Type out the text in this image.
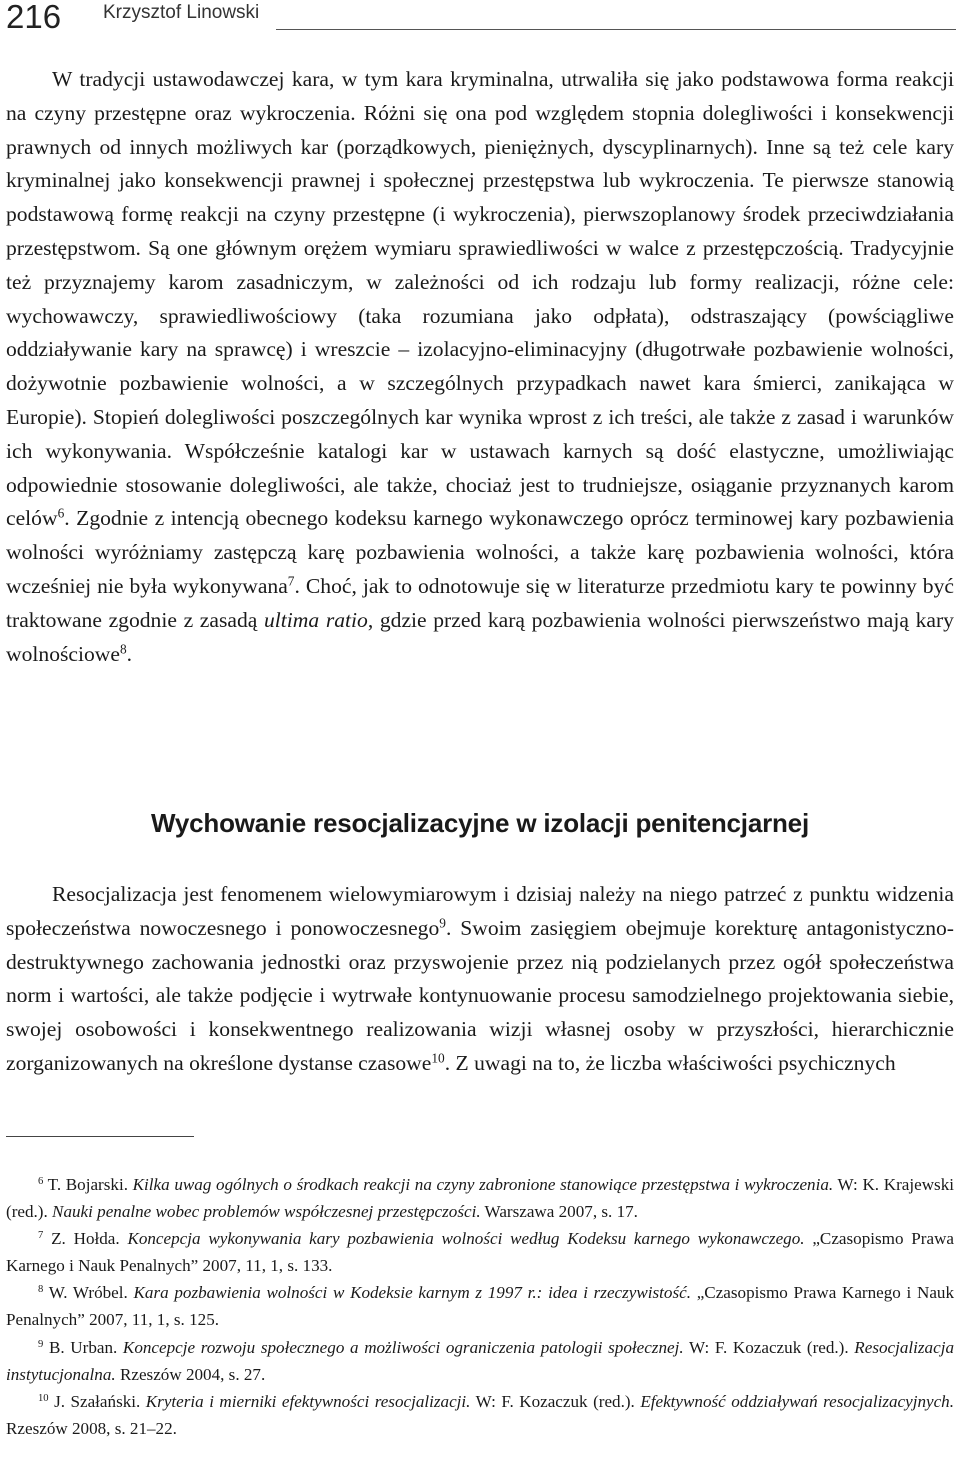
216 Krzysztof Linowski

W tradycji ustawodawczej kara, w tym kara kryminalna, utrwaliła się jako podstawowa forma reakcji na czyny przestępne oraz wykroczenia. Różni się ona pod względem stopnia dolegliwości i konsekwencji prawnych od innych możliwych kar (porządkowych, pieniężnych, dyscyplinarnych). Inne są też cele kary kryminalnej jako konsekwencji prawnej i społecznej przestępstwa lub wykroczenia. Te pierwsze stanowią podstawową formę reakcji na czyny przestępne (i wykroczenia), pierwszoplanowy środek przeciwdziałania przestępstwom. Są one głównym orężem wymiaru sprawiedliwości w walce z przestępczością. Tradycyjnie też przyznajemy karom zasadniczym, w zależności od ich rodzaju lub formy realizacji, różne cele: wychowawczy, sprawiedliwościowy (taka rozumiana jako odpłata), odstraszający (powściągliwe oddziaływanie kary na sprawcę) i wreszcie – izolacyjno-eliminacyjny (długotrwałe pozbawienie wolności, dożywotnie pozbawienie wolności, a w szczególnych przypadkach nawet kara śmierci, zanikająca w Europie). Stopień dolegliwości poszczególnych kar wynika wprost z ich treści, ale także z zasad i warunków ich wykonywania. Współcześnie katalogi kar w ustawach karnych są dość elastyczne, umożliwiając odpowiednie stosowanie dolegliwości, ale także, chociaż jest to trudniejsze, osiąganie przyznanych karom celów$^6$. Zgodnie z intencją obecnego kodeksu karnego wykonawczego oprócz terminowej kary pozbawienia wolności wyróżniamy zastępczą karę pozbawienia wolności, a także karę pozbawienia wolności, która wcześniej nie była wykonywana$^7$. Choć, jak to odnotowuje się w literaturze przedmiotu kary te powinny być traktowane zgodnie z zasadą ultima ratio, gdzie przed karą pozbawienia wolności pierwszeństwo mają kary wolnościowe$^8$.

Wychowanie resocjalizacyjne w izolacji penitencjarnej

Resocjalizacja jest fenomenem wielowymiarowym i dzisiaj należy na niego patrzeć z punktu widzenia społeczeństwa nowoczesnego i ponowoczesnego$^9$. Swoim zasięgiem obejmuje korekturę antagonistyczno-destruktywnego zachowania jednostki oraz przyswojenie przez nią podzielanych przez ogół społeczeństwa norm i wartości, ale także podjęcie i wytrwałe kontynuowanie procesu samodzielnego projektowania siebie, swojej osobowości i konsekwentnego realizowania wizji własnej osoby w przyszłości, hierarchicznie zorganizowanych na określone dystanse czasowe$^{10}$. Z uwagi na to, że liczba właściwości psychicznych

$^6$ T. Bojarski. Kilka uwag ogólnych o środkach reakcji na czyny zabronione stanowiące przestępstwa i wykroczenia. W: K. Krajewski (red.). Nauki penalne wobec problemów współczesnej przestępczości. Warszawa 2007, s. 17.

$^7$ Z. Hołda. Koncepcja wykonywania kary pozbawienia wolności według Kodeksu karnego wykonawczego. „Czasopismo Prawa Karnego i Nauk Penalnych” 2007, 11, 1, s. 133.

$^8$ W. Wróbel. Kara pozbawienia wolności w Kodeksie karnym z 1997 r.: idea i rzeczywistość. „Czasopismo Prawa Karnego i Nauk Penalnych” 2007, 11, 1, s. 125.

$^9$ B. Urban. Koncepcje rozwoju społecznego a możliwości ograniczenia patologii społecznej. W: F. Kozaczuk (red.). Resocjalizacja instytucjonalna. Rzeszów 2004, s. 27.

$^{10}$ J. Szałański. Kryteria i mierniki efektywności resocjalizacji. W: F. Kozaczuk (red.). Efektywność oddziaływań resocjalizacyjnych. Rzeszów 2008, s. 21–22.
